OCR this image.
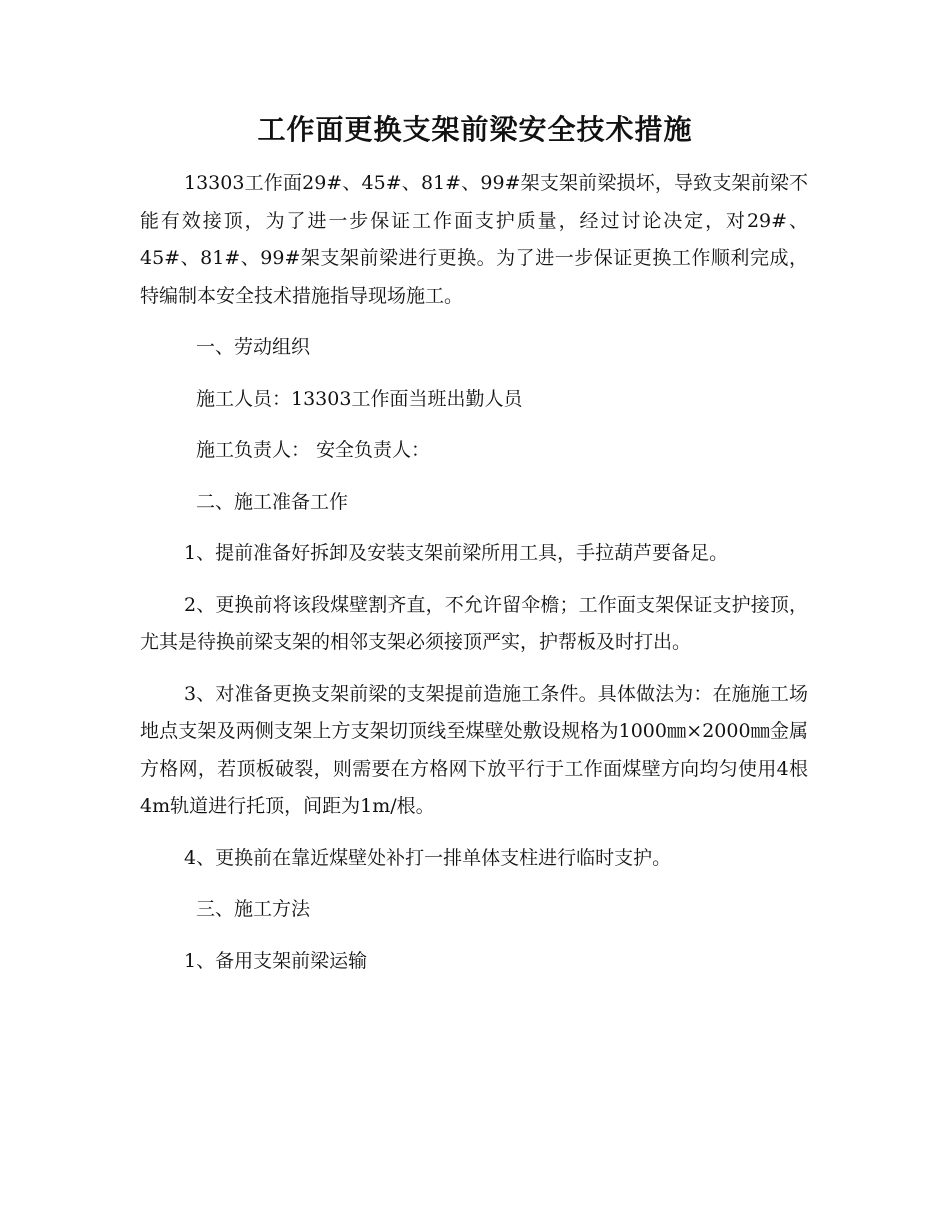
工作面更换支架前梁安全技术措施

13303工作面29#、45#、81#、99#架支架前梁损坏，导致支架前梁不能有效接顶，为了进一步保证工作面支护质量，经过讨论决定，对29#、45#、81#、99#架支架前梁进行更换。为了进一步保证更换工作顺利完成，特编制本安全技术措施指导现场施工。

一、劳动组织

施工人员：13303工作面当班出勤人员

施工负责人： 安全负责人：

二、施工准备工作

1、提前准备好拆卸及安装支架前梁所用工具，手拉葫芦要备足。

2、更换前将该段煤壁割齐直，不允许留伞檐；工作面支架保证支护接顶，尤其是待换前梁支架的相邻支架必须接顶严实，护帮板及时打出。

3、对准备更换支架前梁的支架提前造施工条件。具体做法为：在施施工场地点支架及两侧支架上方支架切顶线至煤壁处敷设规格为1000㎜×2000㎜金属方格网，若顶板破裂，则需要在方格网下放平行于工作面煤壁方向均匀使用4根4m轨道进行托顶，间距为1m/根。

4、更换前在靠近煤壁处补打一排单体支柱进行临时支护。

三、施工方法

1、备用支架前梁运输
